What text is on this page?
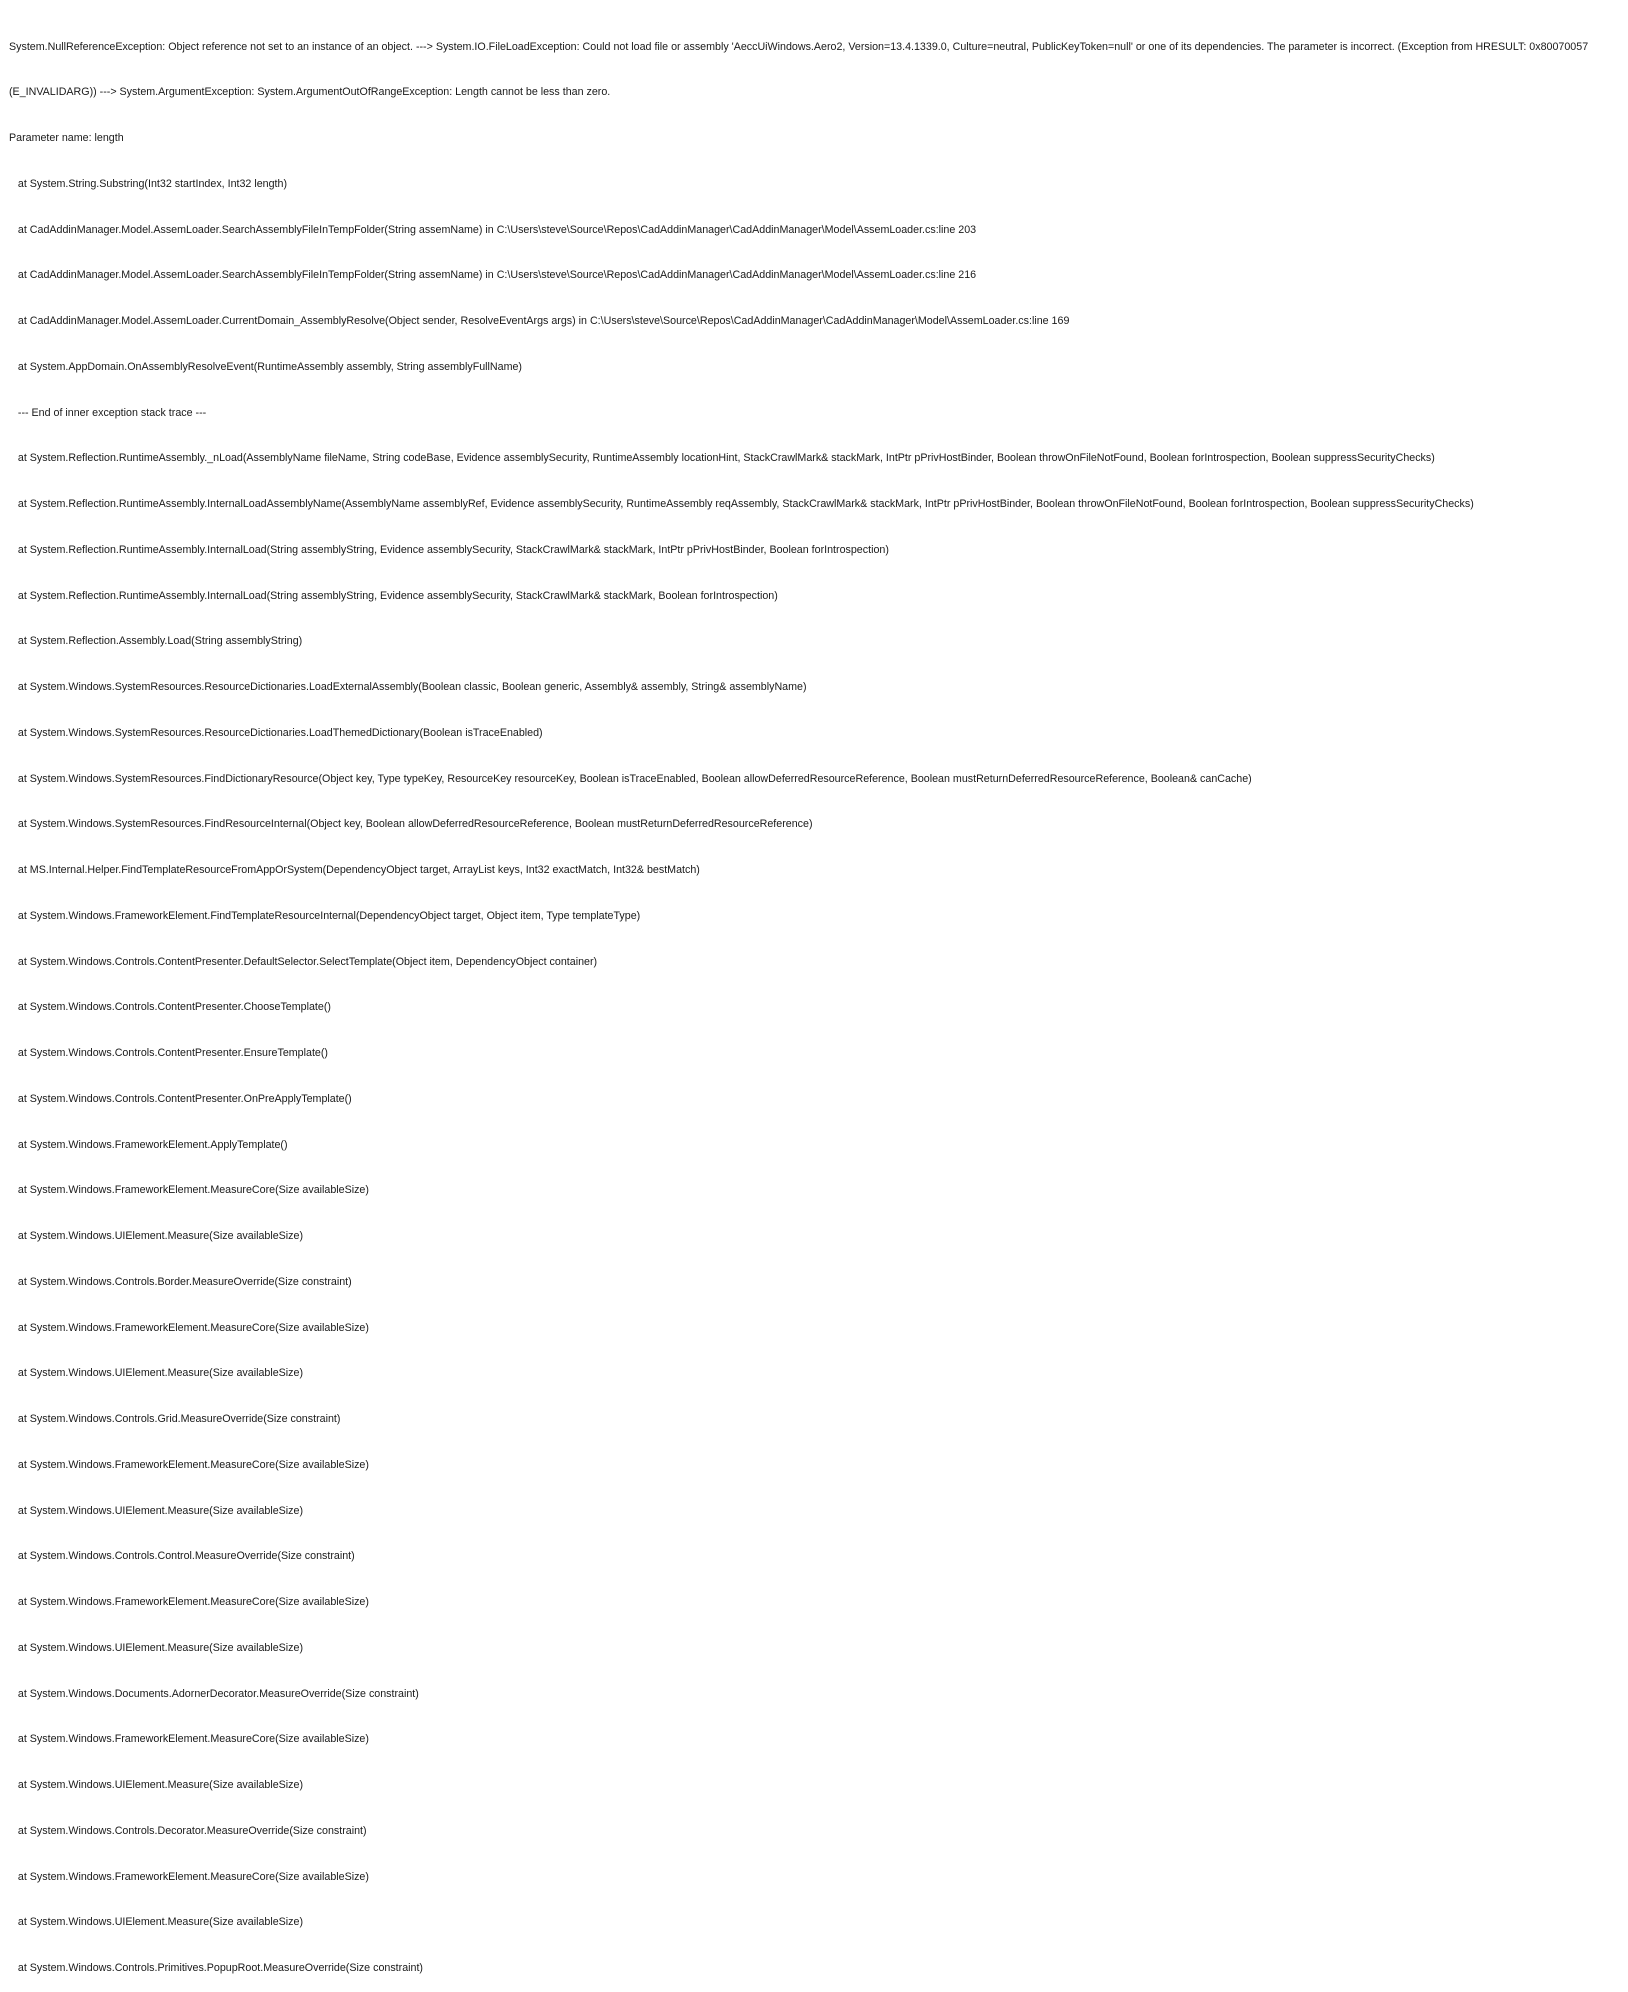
System.NullReferenceException: Object reference not set to an instance of an object. ---> System.IO.FileLoadException: Could not load file or assembly 'AeccUiWindows.Aero2, Version=13.4.1339.0, Culture=neutral, PublicKeyToken=null' or one of its dependencies. The parameter is incorrect. (Exception from HRESULT: 0x80070057

(E_INVALIDARG)) ---> System.ArgumentException: System.ArgumentOutOfRangeException: Length cannot be less than zero.

Parameter name: length

at System.String.Substring(Int32 startIndex, Int32 length)

at CadAddinManager.Model.AssemLoader.SearchAssemblyFileInTempFolder(String assemName) in C:\Users\steve\Source\Repos\CadAddinManager\CadAddinManager\Model\AssemLoader.cs:line 203

at CadAddinManager.Model.AssemLoader.SearchAssemblyFileInTempFolder(String assemName) in C:\Users\steve\Source\Repos\CadAddinManager\CadAddinManager\Model\AssemLoader.cs:line 216

at CadAddinManager.Model.AssemLoader.CurrentDomain_AssemblyResolve(Object sender, ResolveEventArgs args) in C:\Users\steve\Source\Repos\CadAddinManager\CadAddinManager\Model\AssemLoader.cs:line 169

at System.AppDomain.OnAssemblyResolveEvent(RuntimeAssembly assembly, String assemblyFullName)

--- End of inner exception stack trace ---

at System.Reflection.RuntimeAssembly._nLoad(AssemblyName fileName, String codeBase, Evidence assemblySecurity, RuntimeAssembly locationHint, StackCrawlMark& stackMark, IntPtr pPrivHostBinder, Boolean throwOnFileNotFound, Boolean forIntrospection, Boolean suppressSecurityChecks)

at System.Reflection.RuntimeAssembly.InternalLoadAssemblyName(AssemblyName assemblyRef, Evidence assemblySecurity, RuntimeAssembly reqAssembly, StackCrawlMark& stackMark, IntPtr pPrivHostBinder, Boolean throwOnFileNotFound, Boolean forIntrospection, Boolean suppressSecurityChecks)

at System.Reflection.RuntimeAssembly.InternalLoad(String assemblyString, Evidence assemblySecurity, StackCrawlMark& stackMark, IntPtr pPrivHostBinder, Boolean forIntrospection)

at System.Reflection.RuntimeAssembly.InternalLoad(String assemblyString, Evidence assemblySecurity, StackCrawlMark& stackMark, Boolean forIntrospection)

at System.Reflection.Assembly.Load(String assemblyString)

at System.Windows.SystemResources.ResourceDictionaries.LoadExternalAssembly(Boolean classic, Boolean generic, Assembly& assembly, String& assemblyName)

at System.Windows.SystemResources.ResourceDictionaries.LoadThemedDictionary(Boolean isTraceEnabled)

at System.Windows.SystemResources.FindDictionaryResource(Object key, Type typeKey, ResourceKey resourceKey, Boolean isTraceEnabled, Boolean allowDeferredResourceReference, Boolean mustReturnDeferredResourceReference, Boolean& canCache)

at System.Windows.SystemResources.FindResourceInternal(Object key, Boolean allowDeferredResourceReference, Boolean mustReturnDeferredResourceReference)

at MS.Internal.Helper.FindTemplateResourceFromAppOrSystem(DependencyObject target, ArrayList keys, Int32 exactMatch, Int32& bestMatch)

at System.Windows.FrameworkElement.FindTemplateResourceInternal(DependencyObject target, Object item, Type templateType)

at System.Windows.Controls.ContentPresenter.DefaultSelector.SelectTemplate(Object item, DependencyObject container)

at System.Windows.Controls.ContentPresenter.ChooseTemplate()

at System.Windows.Controls.ContentPresenter.EnsureTemplate()

at System.Windows.Controls.ContentPresenter.OnPreApplyTemplate()

at System.Windows.FrameworkElement.ApplyTemplate()

at System.Windows.FrameworkElement.MeasureCore(Size availableSize)

at System.Windows.UIElement.Measure(Size availableSize)

at System.Windows.Controls.Border.MeasureOverride(Size constraint)

at System.Windows.FrameworkElement.MeasureCore(Size availableSize)

at System.Windows.UIElement.Measure(Size availableSize)

at System.Windows.Controls.Grid.MeasureOverride(Size constraint)

at System.Windows.FrameworkElement.MeasureCore(Size availableSize)

at System.Windows.UIElement.Measure(Size availableSize)

at System.Windows.Controls.Control.MeasureOverride(Size constraint)

at System.Windows.FrameworkElement.MeasureCore(Size availableSize)

at System.Windows.UIElement.Measure(Size availableSize)

at System.Windows.Documents.AdornerDecorator.MeasureOverride(Size constraint)

at System.Windows.FrameworkElement.MeasureCore(Size availableSize)

at System.Windows.UIElement.Measure(Size availableSize)

at System.Windows.Controls.Decorator.MeasureOverride(Size constraint)

at System.Windows.FrameworkElement.MeasureCore(Size availableSize)

at System.Windows.UIElement.Measure(Size availableSize)

at System.Windows.Controls.Primitives.PopupRoot.MeasureOverride(Size constraint)
